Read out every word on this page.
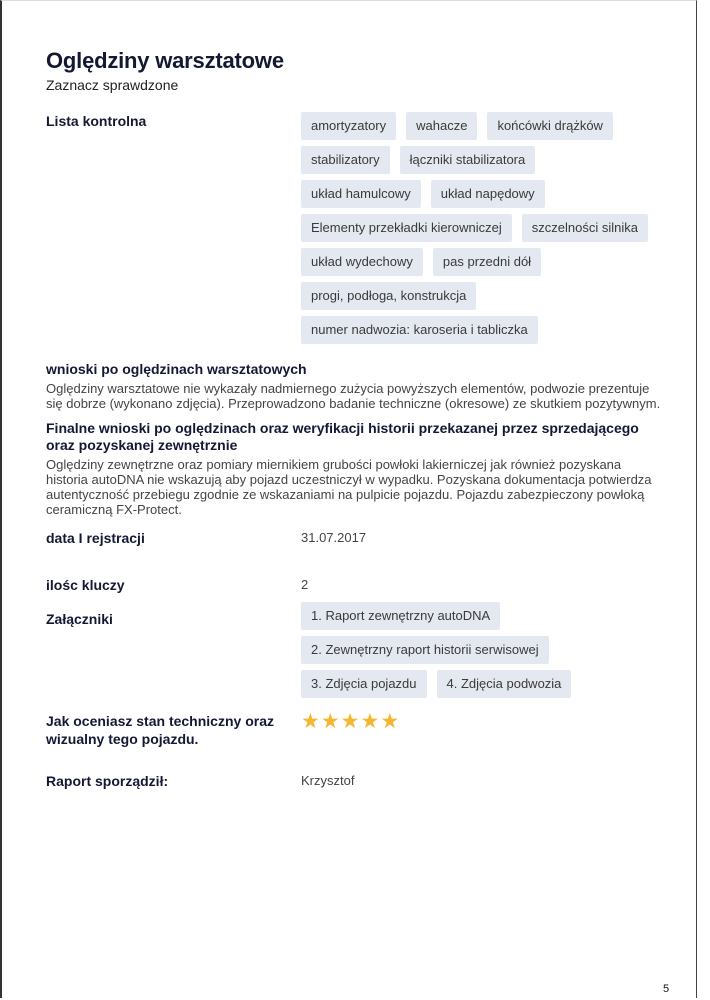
Oględziny warsztatowe
Zaznacz sprawdzone
Lista kontrolna	amortyzatory	wahacze	końcówki drążków
stabilizatory	łączniki stabilizatora
układ hamulcowy	układ napędowy
Elementy przekładki kierowniczej	szczelności silnika
układ wydechowy	pas przedni dół
progi, podłoga, konstrukcja
numer nadwozia: karoseria i tabliczka
wnioski po oględzinach warsztatowych

Oględziny warsztatowe nie wykazały nadmiernego zużycia powyższych elementów, podwozie prezentuje się dobrze (wykonano zdjęcia). Przeprowadzono badanie techniczne (okresowe) ze skutkiem pozytywnym.

Finalne wnioski po oględzinach oraz weryfikacji historii przekazanej przez sprzedającego oraz pozyskanej zewnętrznie

Oględziny zewnętrzne oraz pomiary miernikiem grubości powłoki lakierniczej jak również pozyskana historia autoDNA nie wskazują aby pojazd uczestniczył w wypadku. Pozyskana dokumentacja potwierdza autentyczność przebiegu zgodnie ze wskazaniami na pulpicie pojazdu. Pojazdu zabezpieczony powłoką ceramiczną FX-Protect.

data I rejstracji	31.07.2017
ilośc kluczy	2
Załączniki	1. Raport zewnętrzny autoDNA
2. Zewnętrzny raport historii serwisowej
3. Zdjęcia pojazdu	4. Zdjęcia podwozia
Jak oceniasz stan techniczny oraz wizualny tego pojazdu.
★ ★ ★ ★ ★
Raport sporządził:	Krzysztof
5
